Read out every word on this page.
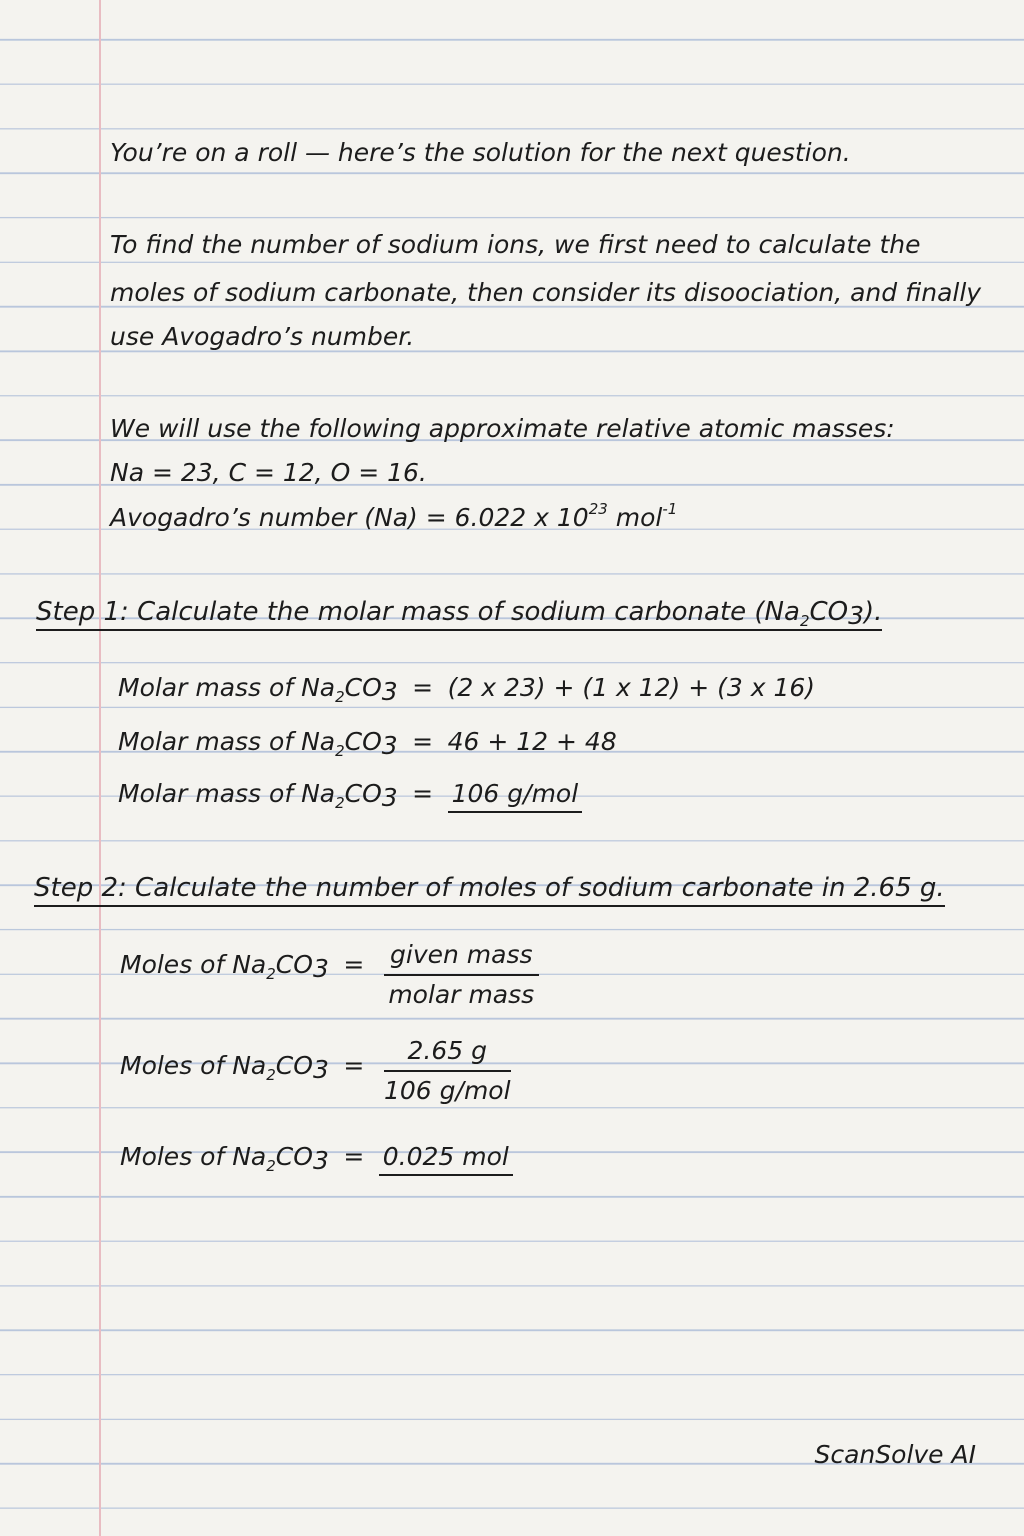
You’re on a roll — here’s the solution for the next question.
To find the number of sodium ions, we first need to calculate the
moles of sodium carbonate, then consider its disoociation, and finally
use Avogadro’s number.
We will use the following approximate relative atomic masses:
Na = 23, C = 12, O = 16.
Avogadro’s number (Na) = 6.022 x $10^{23}$ mol$^{-1}$
Step 1: Calculate the molar mass of sodium carbonate $(Na_2CO_3)$.
Molar mass of $Na_2CO_3 = (2$ x 23) + (1 x 12) + (3 x 16)
Molar mass of $Na_2CO_3 = 46 + 12 + 48$
Molar mass of $Na_2CO_3 = 106$ g/mol
Step 2: Calculate the number of moles of sodium carbonate in 2.65 g.
Moles of $Na_2CO_3$ = given mass
molar mass
Moles of $Na_2CO_3$ =
2.65 g
106 g/mol
Moles of $Na_2CO_3 = 0.025$ mol
ScanSolve AI
